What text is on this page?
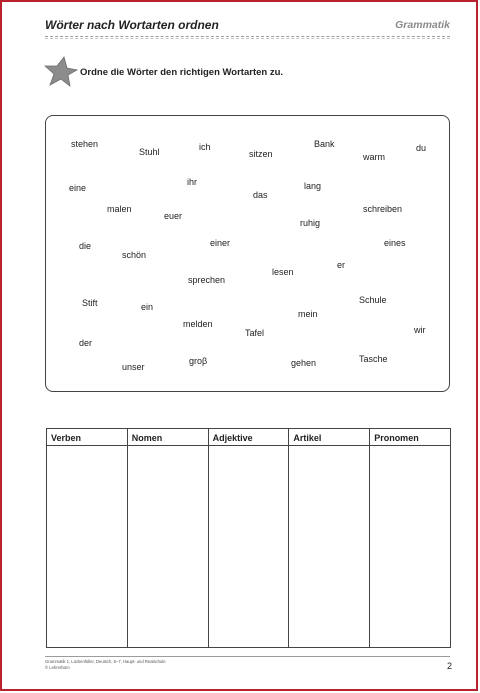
Wörter nach Wortarten ordnen	Grammatik
Ordne die Wörter den richtigen Wortarten zu.
stehen
Stuhl	ich
sitzen
Bank
warm
du
eine
ihr
das
lang
malen
euer
schreiben
ruhig
die	einer	eines
schön
er
lesen
sprechen
Stift	ein
Schule
mein
melden
Tafel	wir
der
unser
groβ	gehen	Tasche
Verben	Nomen	Adjektive	Artikel	Pronomen

Grammatik 1, Lückenfüller, Deutsch, 5–7, Haupt- und Realschule
© Lehrerbüro	2
